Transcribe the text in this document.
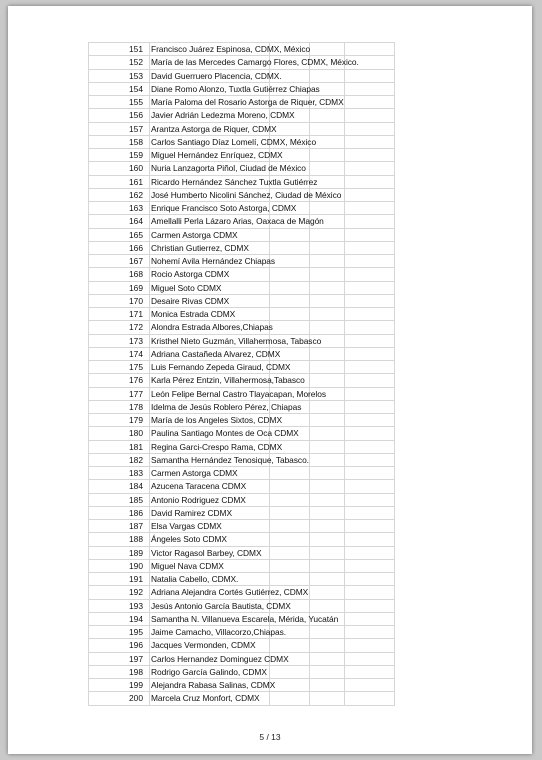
151 Francisco Juárez Espinosa, CDMX, México
152 María de las Mercedes Camargo Flores, CDMX, México.
153 David Guerruero Placencia, CDMX.
154 Diane Romo Alonzo, Tuxtla Gutiérrez Chiapas
155 María Paloma del Rosario Astorga de Riquer, CDMX
156 Javier Adrián Ledezma Moreno, CDMX
157 Arantza Astorga de Riquer, CDMX
158 Carlos Santiago Díaz Lomelí, CDMX, México
159 Miguel Hernández Enríquez, CDMX
160 Nuria Lanzagorta Piñol, Ciudad de México
161 Ricardo Hernández Sánchez Tuxtla Gutiérrez
162 José Humberto Nicolini Sánchez, Ciudad de México
163 Enrique Francisco Soto Astorga, CDMX
164 Amellalli Perla Lázaro Arias, Oaxaca de Magón
165 Carmen Astorga CDMX
166 Christian Gutierrez, CDMX
167 Nohemí Avila Hernández Chiapas
168 Rocio Astorga CDMX
169 Miguel Soto CDMX
170 Desaire Rivas CDMX
171 Monica Estrada CDMX
172 Alondra Estrada Albores,Chiapas
173 Kristhel Nieto Guzmán, Villahermosa, Tabasco
174 Adriana Castañeda Alvarez, CDMX
175 Luis Fernando Zepeda Giraud, CDMX
176 Karla Pérez Entzin, Villahermosa,Tabasco
177 León Felipe Bernal Castro Tlayacapan, Morelos
178 Idelma de Jesús Roblero Pérez, Chiapas
179 María de los Angeles Sixtos, CDMX
180 Paulina Santiago Montes de Oca CDMX
181 Regina Garci-Crespo Rama, CDMX
182 Samantha Hernández Tenosique, Tabasco.
183 Carmen Astorga CDMX
184 Azucena Taracena CDMX
185 Antonio Rodriguez CDMX
186 David Ramirez CDMX
187 Elsa Vargas CDMX
188 Ángeles Soto CDMX
189 Victor Ragasol Barbey, CDMX
190 Miguel Nava CDMX
191 Natalia Cabello, CDMX.
192 Adriana Alejandra Cortés Gutiérrez, CDMX
193 Jesús Antonio García Bautista, CDMX
194 Samantha N. Villanueva Escarela, Mérida, Yucatán
195 Jaime Camacho, Villacorzo,Chiapas.
196 Jacques Vermonden, CDMX
197 Carlos Hernandez Dominguez CDMX
198 Rodrigo García Galindo, CDMX
199 Alejandra Rabasa Salinas, CDMX
200 Marcela Cruz Monfort, CDMX
5 / 13
